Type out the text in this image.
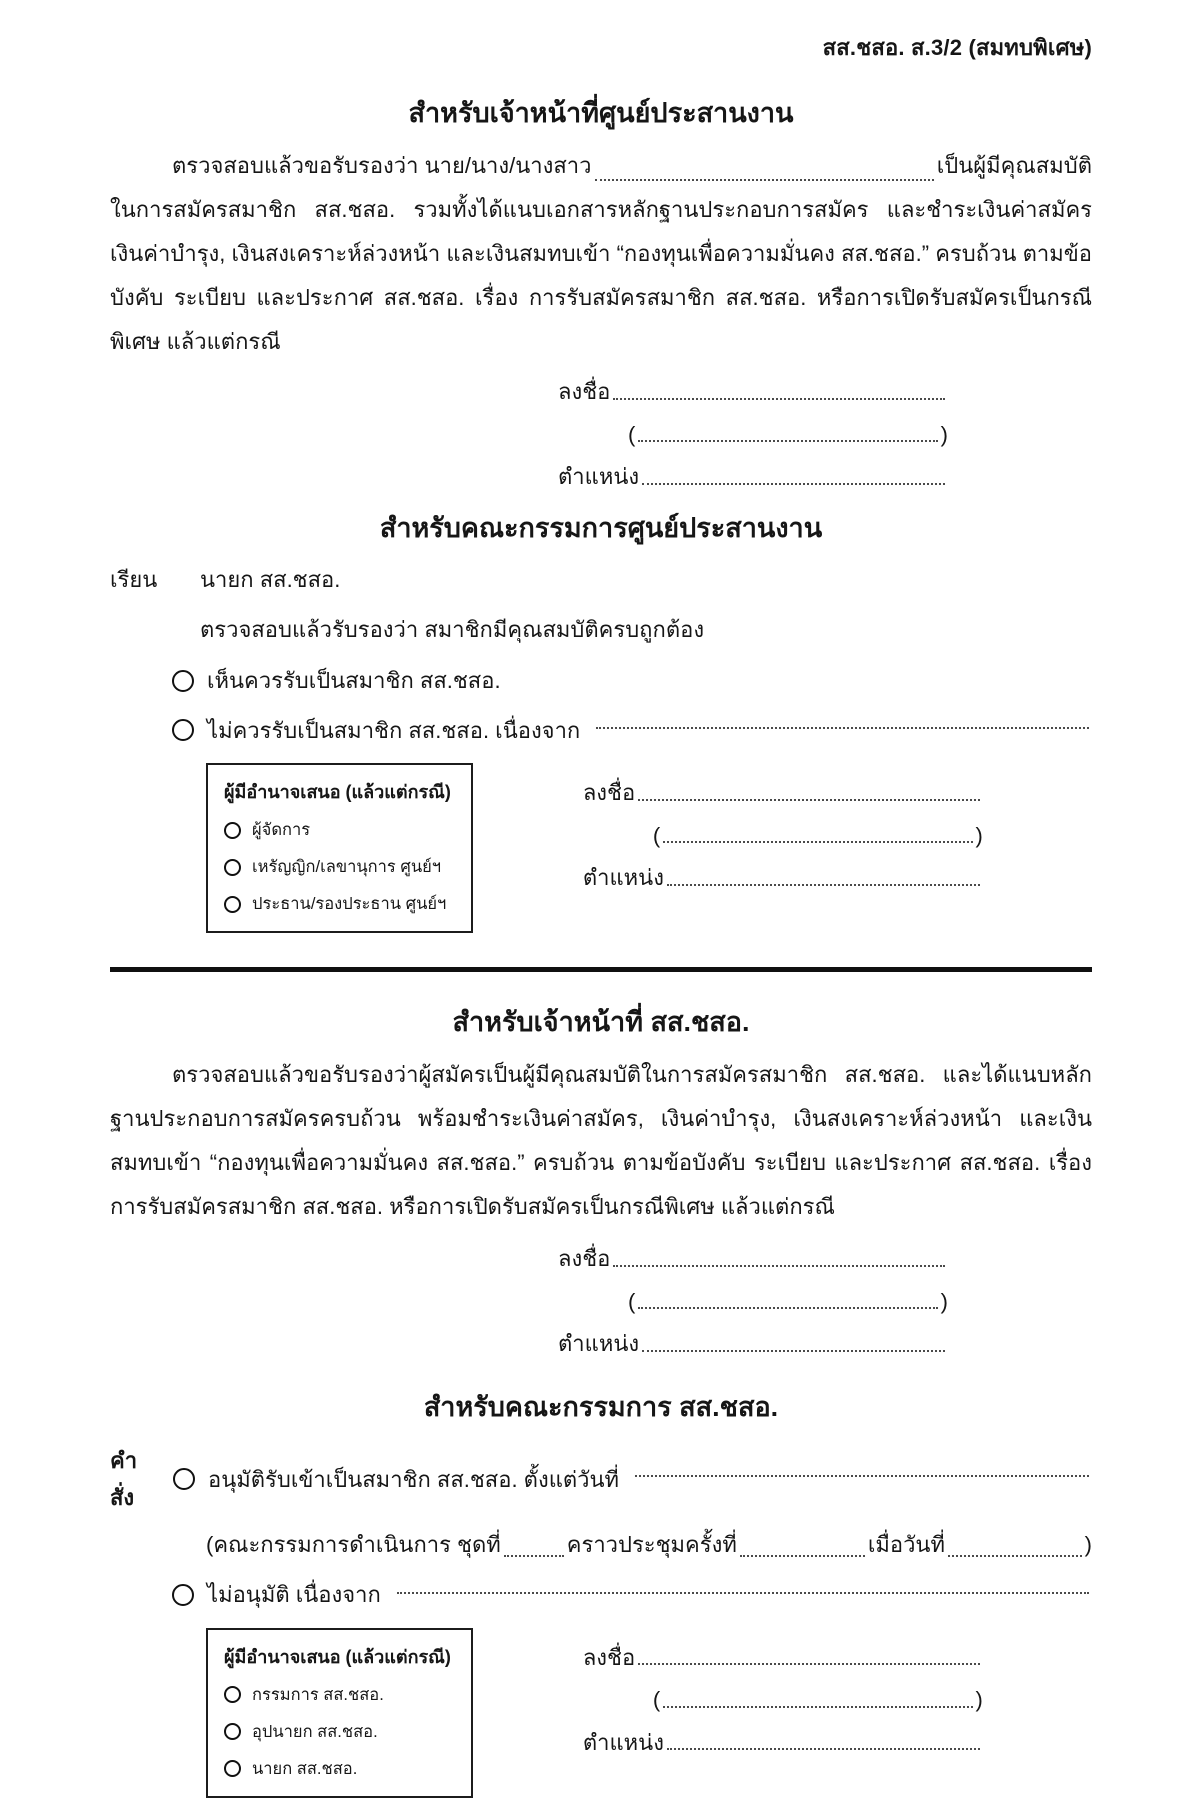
สส.ชสอ. ส.3/2 (สมทบพิเศษ)
สำหรับเจ้าหน้าที่ศูนย์ประสานงาน
ตรวจสอบแล้วขอรับรองว่า นาย/นาง/นางสาว	เป็นผู้มีคุณสมบัติ
ในการสมัครสมาชิก สส.ชสอ. รวมทั้งได้แนบเอกสารหลักฐานประกอบการสมัคร และชำระเงินค่าสมัคร เงินค่าบำรุง, เงินสงเคราะห์ล่วงหน้า และเงินสมทบเข้า “กองทุนเพื่อความมั่นคง สส.ชสอ.” ครบถ้วน ตามข้อบังคับ ระเบียบ และประกาศ สส.ชสอ. เรื่อง การรับสมัครสมาชิก สส.ชสอ. หรือการเปิดรับสมัครเป็นกรณีพิเศษ แล้วแต่กรณี
ลงชื่อ
(	)
ตำแหน่ง
สำหรับคณะกรรมการศูนย์ประสานงาน
เรียน	นายก สส.ชสอ.
ตรวจสอบแล้วรับรองว่า สมาชิกมีคุณสมบัติครบถูกต้อง
เห็นควรรับเป็นสมาชิก สส.ชสอ.
ไม่ควรรับเป็นสมาชิก สส.ชสอ. เนื่องจาก
ผู้มีอำนาจเสนอ (แล้วแต่กรณี)
ผู้จัดการ
เหรัญญิก/เลขานุการ ศูนย์ฯ
ประธาน/รองประธาน ศูนย์ฯ
ลงชื่อ
(	)
ตำแหน่ง
สำหรับเจ้าหน้าที่ สส.ชสอ.
ตรวจสอบแล้วขอรับรองว่าผู้สมัครเป็นผู้มีคุณสมบัติในการสมัครสมาชิก สส.ชสอ. และได้แนบหลักฐานประกอบการสมัครครบถ้วน พร้อมชำระเงินค่าสมัคร, เงินค่าบำรุง, เงินสงเคราะห์ล่วงหน้า และเงินสมทบเข้า “กองทุนเพื่อความมั่นคง สส.ชสอ.” ครบถ้วน ตามข้อบังคับ ระเบียบ และประกาศ สส.ชสอ. เรื่อง การรับสมัครสมาชิก สส.ชสอ. หรือการเปิดรับสมัครเป็นกรณีพิเศษ แล้วแต่กรณี
ลงชื่อ
(	)
ตำแหน่ง
สำหรับคณะกรรมการ สส.ชสอ.
คำสั่ง
อนุมัติรับเข้าเป็นสมาชิก สส.ชสอ. ตั้งแต่วันที่
(คณะกรรมการดำเนินการ ชุดที่	คราวประชุมครั้งที่	เมื่อวันที่	)
ไม่อนุมัติ เนื่องจาก
ผู้มีอำนาจเสนอ (แล้วแต่กรณี)
กรรมการ สส.ชสอ.
อุปนายก สส.ชสอ.
นายก สส.ชสอ.
ลงชื่อ
(	)
ตำแหน่ง
